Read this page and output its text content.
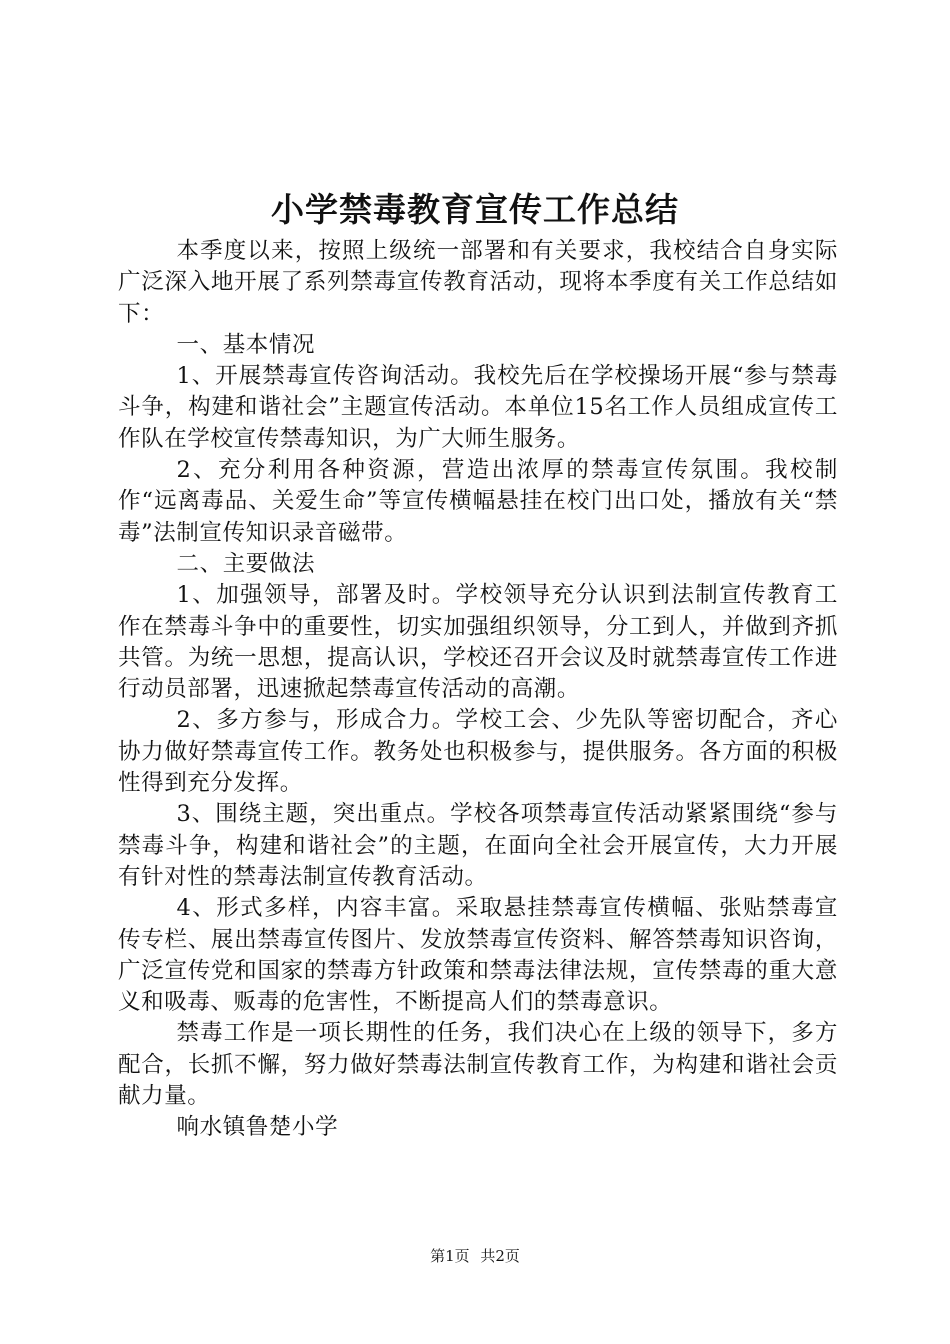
小学禁毒教育宣传工作总结

本季度以来，按照上级统一部署和有关要求，我校结合自身实际广泛深入地开展了系列禁毒宣传教育活动，现将本季度有关工作总结如下：

一、基本情况

1、开展禁毒宣传咨询活动。我校先后在学校操场开展“参与禁毒斗争，构建和谐社会”主题宣传活动。本单位15名工作人员组成宣传工作队在学校宣传禁毒知识，为广大师生服务。

2、充分利用各种资源，营造出浓厚的禁毒宣传氛围。我校制作“远离毒品、关爱生命”等宣传横幅悬挂在校门出口处，播放有关“禁毒”法制宣传知识录音磁带。

二、主要做法

1、加强领导，部署及时。学校领导充分认识到法制宣传教育工作在禁毒斗争中的重要性，切实加强组织领导，分工到人，并做到齐抓共管。为统一思想，提高认识，学校还召开会议及时就禁毒宣传工作进行动员部署，迅速掀起禁毒宣传活动的高潮。

2、多方参与，形成合力。学校工会、少先队等密切配合，齐心协力做好禁毒宣传工作。教务处也积极参与，提供服务。各方面的积极性得到充分发挥。

3、围绕主题，突出重点。学校各项禁毒宣传活动紧紧围绕“参与禁毒斗争，构建和谐社会”的主题，在面向全社会开展宣传，大力开展有针对性的禁毒法制宣传教育活动。

4、形式多样，内容丰富。采取悬挂禁毒宣传横幅、张贴禁毒宣传专栏、展出禁毒宣传图片、发放禁毒宣传资料、解答禁毒知识咨询，广泛宣传党和国家的禁毒方针政策和禁毒法律法规，宣传禁毒的重大意义和吸毒、贩毒的危害性，不断提高人们的禁毒意识。

禁毒工作是一项长期性的任务，我们决心在上级的领导下，多方配合，长抓不懈，努力做好禁毒法制宣传教育工作，为构建和谐社会贡献力量。

响水镇鲁楚小学

第1页 共2页
